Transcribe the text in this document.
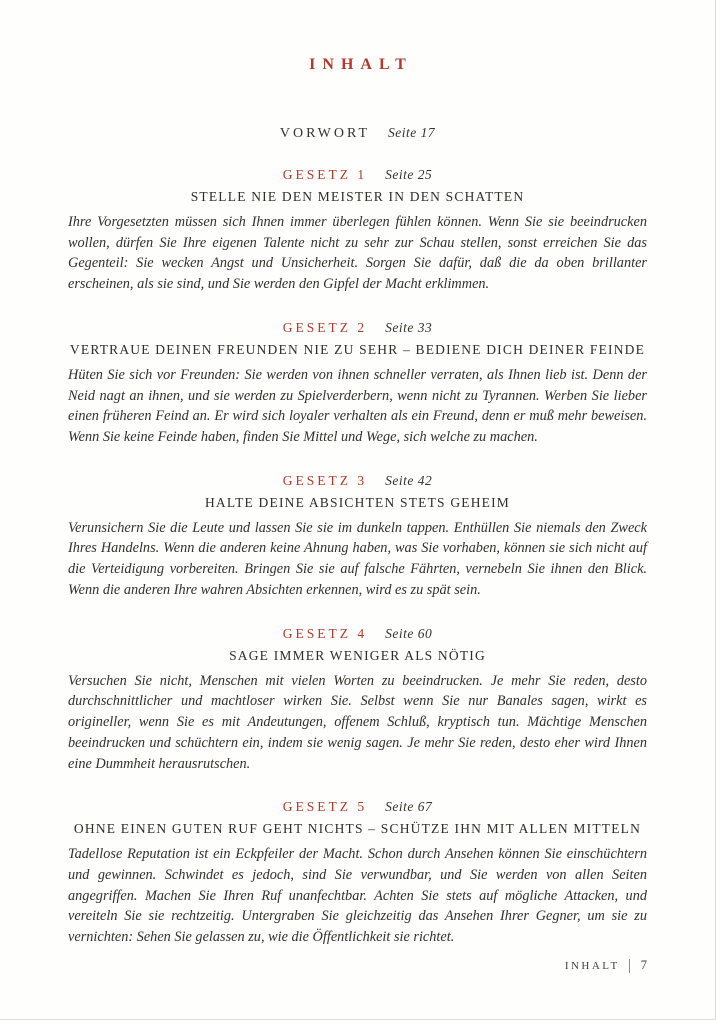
INHALT
VORWORT Seite 17
GESETZ 1 Seite 25
STELLE NIE DEN MEISTER IN DEN SCHATTEN

Ihre Vorgesetzten müssen sich Ihnen immer überlegen fühlen können. Wenn Sie sie beeindrucken wollen, dürfen Sie Ihre eigenen Talente nicht zu sehr zur Schau stellen, sonst erreichen Sie das Gegenteil: Sie wecken Angst und Unsicherheit. Sorgen Sie dafür, daß die da oben brillanter erscheinen, als sie sind, und Sie werden den Gipfel der Macht erklimmen.

GESETZ 2 Seite 33
VERTRAUE DEINEN FREUNDEN NIE ZU SEHR – BEDIENE DICH DEINER FEINDE

Hüten Sie sich vor Freunden: Sie werden von ihnen schneller verraten, als Ihnen lieb ist. Denn der Neid nagt an ihnen, und sie werden zu Spielverderbern, wenn nicht zu Tyrannen. Werben Sie lieber einen früheren Feind an. Er wird sich loyaler verhalten als ein Freund, denn er muß mehr beweisen. Wenn Sie keine Feinde haben, finden Sie Mittel und Wege, sich welche zu machen.

GESETZ 3 Seite 42
HALTE DEINE ABSICHTEN STETS GEHEIM

Verunsichern Sie die Leute und lassen Sie sie im dunkeln tappen. Enthüllen Sie niemals den Zweck Ihres Handelns. Wenn die anderen keine Ahnung haben, was Sie vorhaben, können sie sich nicht auf die Verteidigung vorbereiten. Bringen Sie sie auf falsche Fährten, vernebeln Sie ihnen den Blick. Wenn die anderen Ihre wahren Absichten erkennen, wird es zu spät sein.

GESETZ 4 Seite 60
SAGE IMMER WENIGER ALS NÖTIG

Versuchen Sie nicht, Menschen mit vielen Worten zu beeindrucken. Je mehr Sie reden, desto durchschnittlicher und machtloser wirken Sie. Selbst wenn Sie nur Banales sagen, wirkt es origineller, wenn Sie es mit Andeutungen, offenem Schluß, kryptisch tun. Mächtige Menschen beeindrucken und schüchtern ein, indem sie wenig sagen. Je mehr Sie reden, desto eher wird Ihnen eine Dummheit herausrutschen.

GESETZ 5 Seite 67
OHNE EINEN GUTEN RUF GEHT NICHTS – SCHÜTZE IHN MIT ALLEN MITTELN

Tadellose Reputation ist ein Eckpfeiler der Macht. Schon durch Ansehen können Sie einschüchtern und gewinnen. Schwindet es jedoch, sind Sie verwundbar, und Sie werden von allen Seiten angegriffen. Machen Sie Ihren Ruf unanfechtbar. Achten Sie stets auf mögliche Attacken, und vereiteln Sie sie rechtzeitig. Untergraben Sie gleichzeitig das Ansehen Ihrer Gegner, um sie zu vernichten: Sehen Sie gelassen zu, wie die Öffentlichkeit sie richtet.

INHALT 7
